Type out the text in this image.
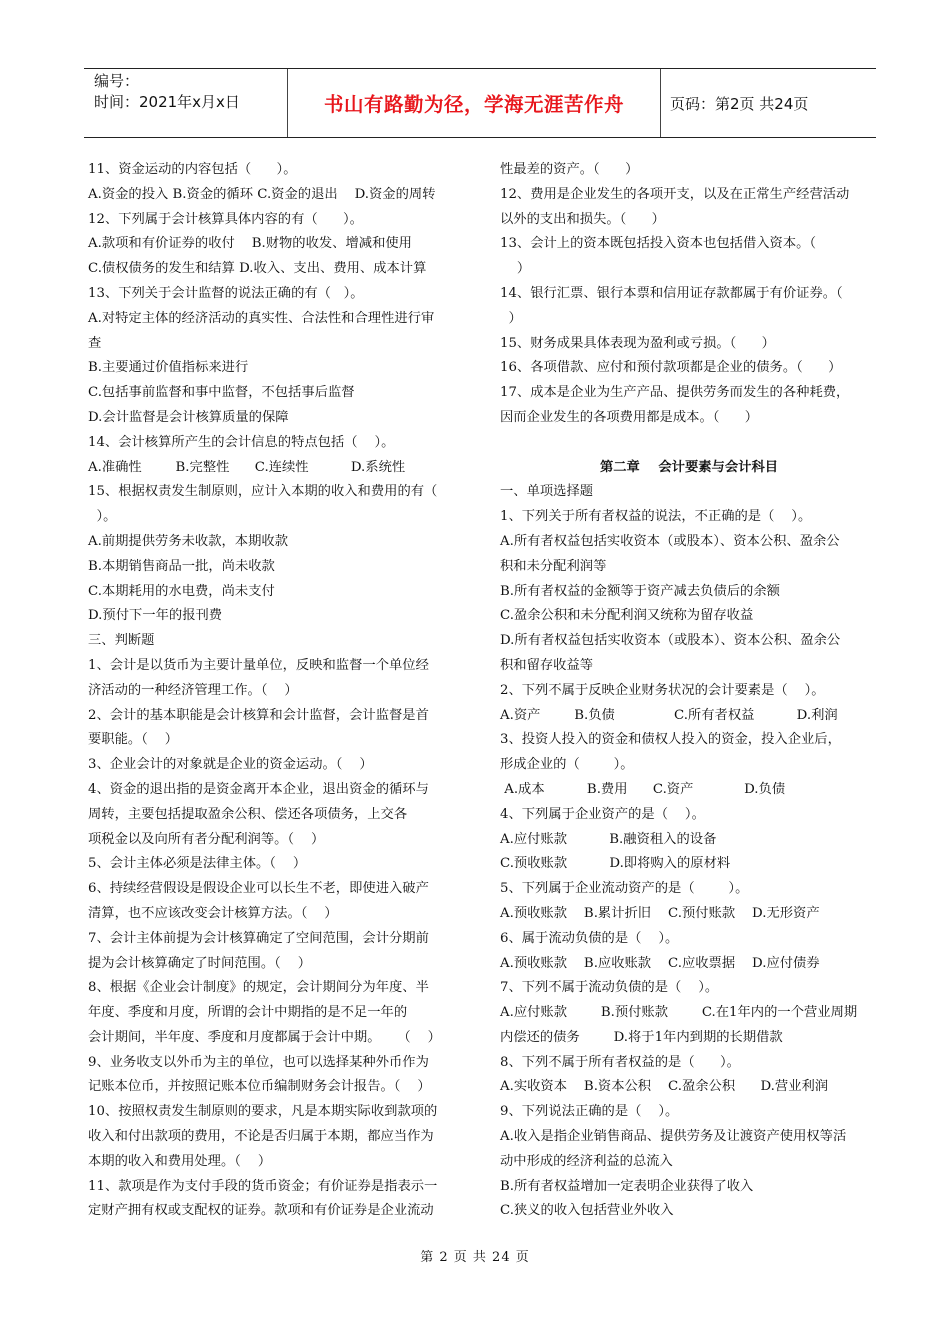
编号：
时间：2021年x月x日	书山有路勤为径，学海无涯苦作舟	页码：第2页 共24页
11、资金运动的内容包括（      ）。
A.资金的投入 B.资金的循环 C.资金的退出    D.资金的周转
12、下列属于会计核算具体内容的有（      ）。
A.款项和有价证券的收付    B.财物的收发、增减和使用
C.债权债务的发生和结算 D.收入、支出、费用、成本计算
13、下列关于会计监督的说法正确的有（   ）。
A.对特定主体的经济活动的真实性、合法性和合理性进行审
查
B.主要通过价值指标来进行
C.包括事前监督和事中监督，不包括事后监督
D.会计监督是会计核算质量的保障
14、会计核算所产生的会计信息的特点包括（    ）。
A.准确性        B.完整性      C.连续性          D.系统性
15、根据权责发生制原则，应计入本期的收入和费用的有（
）。
A.前期提供劳务未收款，本期收款
B.本期销售商品一批，尚未收款
C.本期耗用的水电费，尚未支付
D.预付下一年的报刊费
三、判断题
1、会计是以货币为主要计量单位，反映和监督一个单位经
济活动的一种经济管理工作。（    ）
2、会计的基本职能是会计核算和会计监督，会计监督是首
要职能。（    ）
3、企业会计的对象就是企业的资金运动。（    ）
4、资金的退出指的是资金离开本企业，退出资金的循环与
周转，主要包括提取盈余公积、偿还各项债务，上交各
项税金以及向所有者分配利润等。（    ）
5、会计主体必须是法律主体。（    ）
6、持续经营假设是假设企业可以长生不老，即使进入破产
清算，也不应该改变会计核算方法。（    ）
7、会计主体前提为会计核算确定了空间范围，会计分期前
提为会计核算确定了时间范围。（    ）
8、根据《企业会计制度》的规定，会计期间分为年度、半
年度、季度和月度，所谓的会计中期指的是不足一年的
会计期间，半年度、季度和月度都属于会计中期。    （    ）
9、业务收支以外币为主的单位，也可以选择某种外币作为
记账本位币，并按照记账本位币编制财务会计报告。（    ）
10、按照权责发生制原则的要求，凡是本期实际收到款项的
收入和付出款项的费用，不论是否归属于本期，都应当作为
本期的收入和费用处理。（    ）
11、款项是作为支付手段的货币资金；有价证券是指表示一
定财产拥有权或支配权的证券。款项和有价证券是企业流动
性最差的资产。（      ）
12、费用是企业发生的各项开支，以及在正常生产经营活动
以外的支出和损失。（      ）
13、会计上的资本既包括投入资本也包括借入资本。（
）
14、银行汇票、银行本票和信用证存款都属于有价证券。（
）
15、财务成果具体表现为盈利或亏损。（      ）
16、各项借款、应付和预付款项都是企业的债务。（      ）
17、成本是企业为生产产品、提供劳务而发生的各种耗费，
因而企业发生的各项费用都是成本。（      ）
第二章    会计要素与会计科目
一、单项选择题
1、下列关于所有者权益的说法，不正确的是（    ）。
A.所有者权益包括实收资本（或股本）、资本公积、盈余公
积和未分配利润等
B.所有者权益的金额等于资产减去负债后的余额
C.盈余公积和未分配利润又统称为留存收益
D.所有者权益包括实收资本（或股本）、资本公积、盈余公
积和留存收益等
2、下列不属于反映企业财务状况的会计要素是（    ）。
A.资产        B.负债              C.所有者权益          D.利润
3、投资人投入的资金和债权人投入的资金，投入企业后，
形成企业的（        ）。
A.成本          B.费用      C.资产            D.负债
4、下列属于企业资产的是（    ）。
A.应付账款          B.融资租入的设备
C.预收账款          D.即将购入的原材料
5、下列属于企业流动资产的是（        ）。
A.预收账款    B.累计折旧    C.预付账款    D.无形资产
6、属于流动负债的是（    ）。
A.预收账款    B.应收账款    C.应收票据    D.应付债券
7、下列不属于流动负债的是（    ）。
A.应付账款        B.预付账款        C.在1年内的一个营业周期
内偿还的债务        D.将于1年内到期的长期借款
8、下列不属于所有者权益的是（      ）。
A.实收资本    B.资本公积    C.盈余公积      D.营业利润
9、下列说法正确的是（    ）。
A.收入是指企业销售商品、提供劳务及让渡资产使用权等活
动中形成的经济利益的总流入
B.所有者权益增加一定表明企业获得了收入
C.狭义的收入包括营业外收入
第 2 页 共 24 页
